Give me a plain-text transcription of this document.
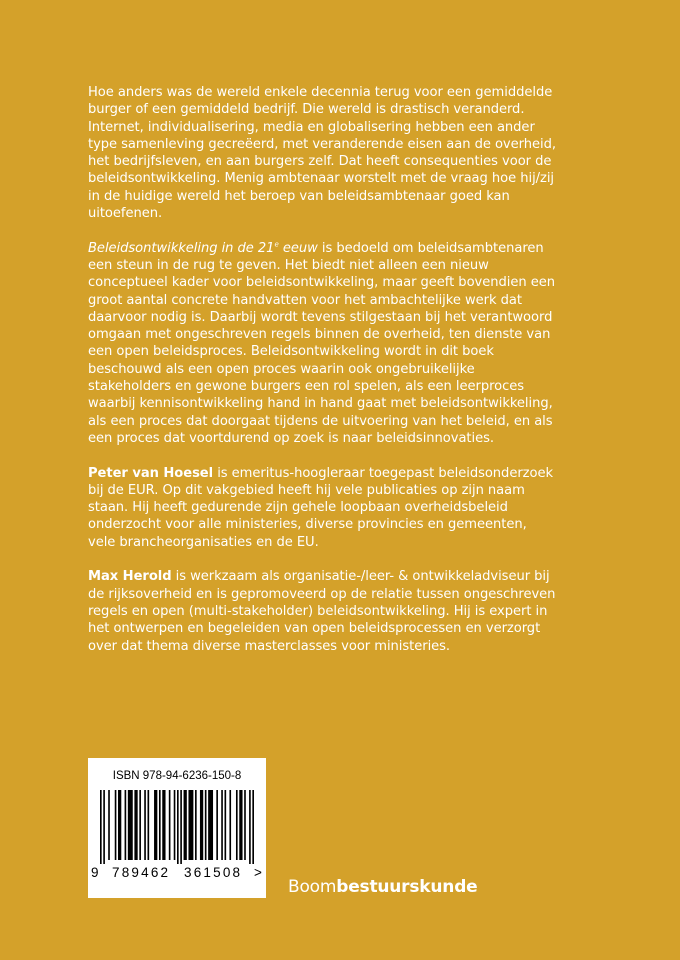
Hoe anders was de wereld enkele decennia terug voor een gemiddelde burger of een gemiddeld bedrijf. Die wereld is drastisch veranderd. Internet, individualisering, media en globalisering hebben een ander type samenleving gecreëerd, met veranderende eisen aan de overheid, het bedrijfsleven, en aan burgers zelf. Dat heeft consequenties voor de beleidsontwikkeling. Menig ambtenaar worstelt met de vraag hoe hij/zij in de huidige wereld het beroep van beleidsambtenaar goed kan uitoefenen.

Beleidsontwikkeling in de 21e eeuw is bedoeld om beleidsambtenaren een steun in de rug te geven. Het biedt niet alleen een nieuw conceptueel kader voor beleidsontwikkeling, maar geeft bovendien een groot aantal concrete handvatten voor het ambachtelijke werk dat daarvoor nodig is. Daarbij wordt tevens stilgestaan bij het verantwoord omgaan met ongeschreven regels binnen de overheid, ten dienste van een open beleidsproces. Beleidsontwikkeling wordt in dit boek beschouwd als een open proces waarin ook ongebruikelijke stakeholders en gewone burgers een rol spelen, als een leerproces waarbij kennisontwikkeling hand in hand gaat met beleidsontwikkeling, als een proces dat doorgaat tijdens de uitvoering van het beleid, en als een proces dat voortdurend op zoek is naar beleidsinnovaties.

Peter van Hoesel is emeritus-hoogleraar toegepast beleidsonderzoek bij de EUR. Op dit vakgebied heeft hij vele publicaties op zijn naam staan. Hij heeft gedurende zijn gehele loopbaan overheidsbeleid onderzocht voor alle ministeries, diverse provincies en gemeenten, vele brancheorganisaties en de EU.

Max Herold is werkzaam als organisatie-/leer- & ontwikkeladviseur bij de rijksoverheid en is gepromoveerd op de relatie tussen ongeschreven regels en open (multi-stakeholder) beleidsontwikkeling. Hij is expert in het ontwerpen en begeleiden van open beleidsprocessen en verzorgt over dat thema diverse masterclasses voor ministeries.

ISBN 978-94-6236-150-8
9 789462 361508 >
Boombestuurskunde
